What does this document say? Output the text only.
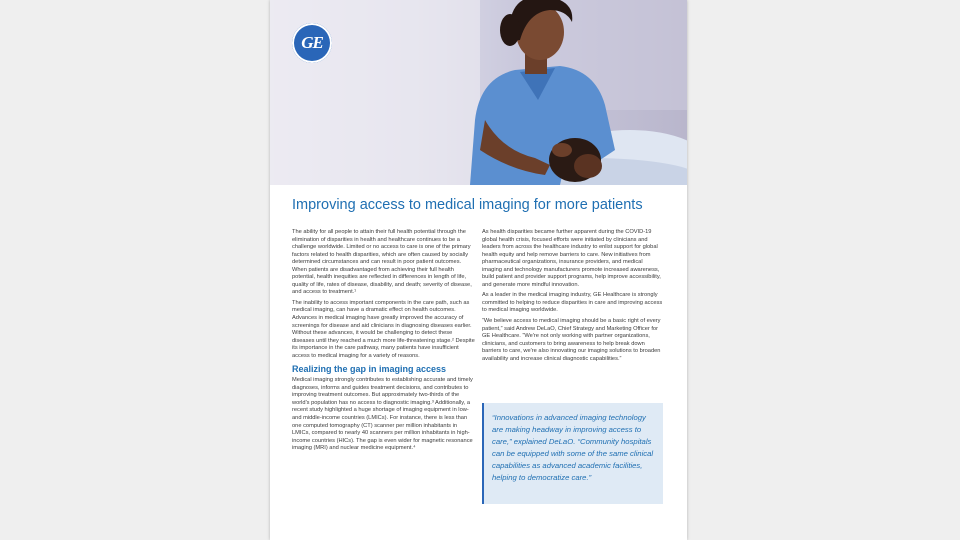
GE
Improving access to medical imaging for more patients

The ability for all people to attain their full health potential through the elimination of disparities in health and healthcare continues to be a challenge worldwide. Limited or no access to care is one of the primary factors related to health disparities, which are often caused by socially determined circumstances and can result in poor patient outcomes. When patients are disadvantaged from achieving their full health potential, health inequities are reflected in differences in length of life, quality of life, rates of disease, disability, and death; severity of disease, and access to treatment.¹

The inability to access important components in the care path, such as medical imaging, can have a dramatic effect on health outcomes. Advances in medical imaging have greatly improved the accuracy of screenings for disease and aid clinicians in diagnosing diseases earlier. Without these advances, it would be challenging to detect these diseases until they reached a much more life-threatening stage.² Despite its importance in the care pathway, many patients have insufficient access to medical imaging for a variety of reasons.

Realizing the gap in imaging access

Medical imaging strongly contributes to establishing accurate and timely diagnoses, informs and guides treatment decisions, and contributes to improving treatment outcomes. But approximately two-thirds of the world's population has no access to diagnostic imaging.³ Additionally, a recent study highlighted a huge shortage of imaging equipment in low- and middle-income countries (LMICs). For instance, there is less than one computed tomography (CT) scanner per million inhabitants in LMICs, compared to nearly 40 scanners per million inhabitants in high-income countries (HICs). The gap is even wider for magnetic resonance imaging (MRI) and nuclear medicine equipment.⁴

As health disparities became further apparent during the COVID-19 global health crisis, focused efforts were initiated by clinicians and leaders from across the healthcare industry to enlist support for global health equity and help remove barriers to care. New initiatives from pharmaceutical organizations, insurance providers, and medical imaging and technology manufacturers promote increased awareness, build patient and provider support programs, help improve accessibility, and generate more mindful innovation.

As a leader in the medical imaging industry, GE Healthcare is strongly committed to helping to reduce disparities in care and improving access to medical imaging worldwide.

“We believe access to medical imaging should be a basic right of every patient,” said Andrew DeLaO, Chief Strategy and Marketing Officer for GE Healthcare. “We're not only working with partner organizations, clinicians, and customers to bring awareness to help break down barriers to care, we're also innovating our imaging solutions to broaden availability and increase clinical diagnostic capabilities.”

“Innovations in advanced imaging technology are making headway in improving access to care,” explained DeLaO. “Community hospitals can be equipped with some of the same clinical capabilities as advanced academic facilities, helping to democratize care.”
